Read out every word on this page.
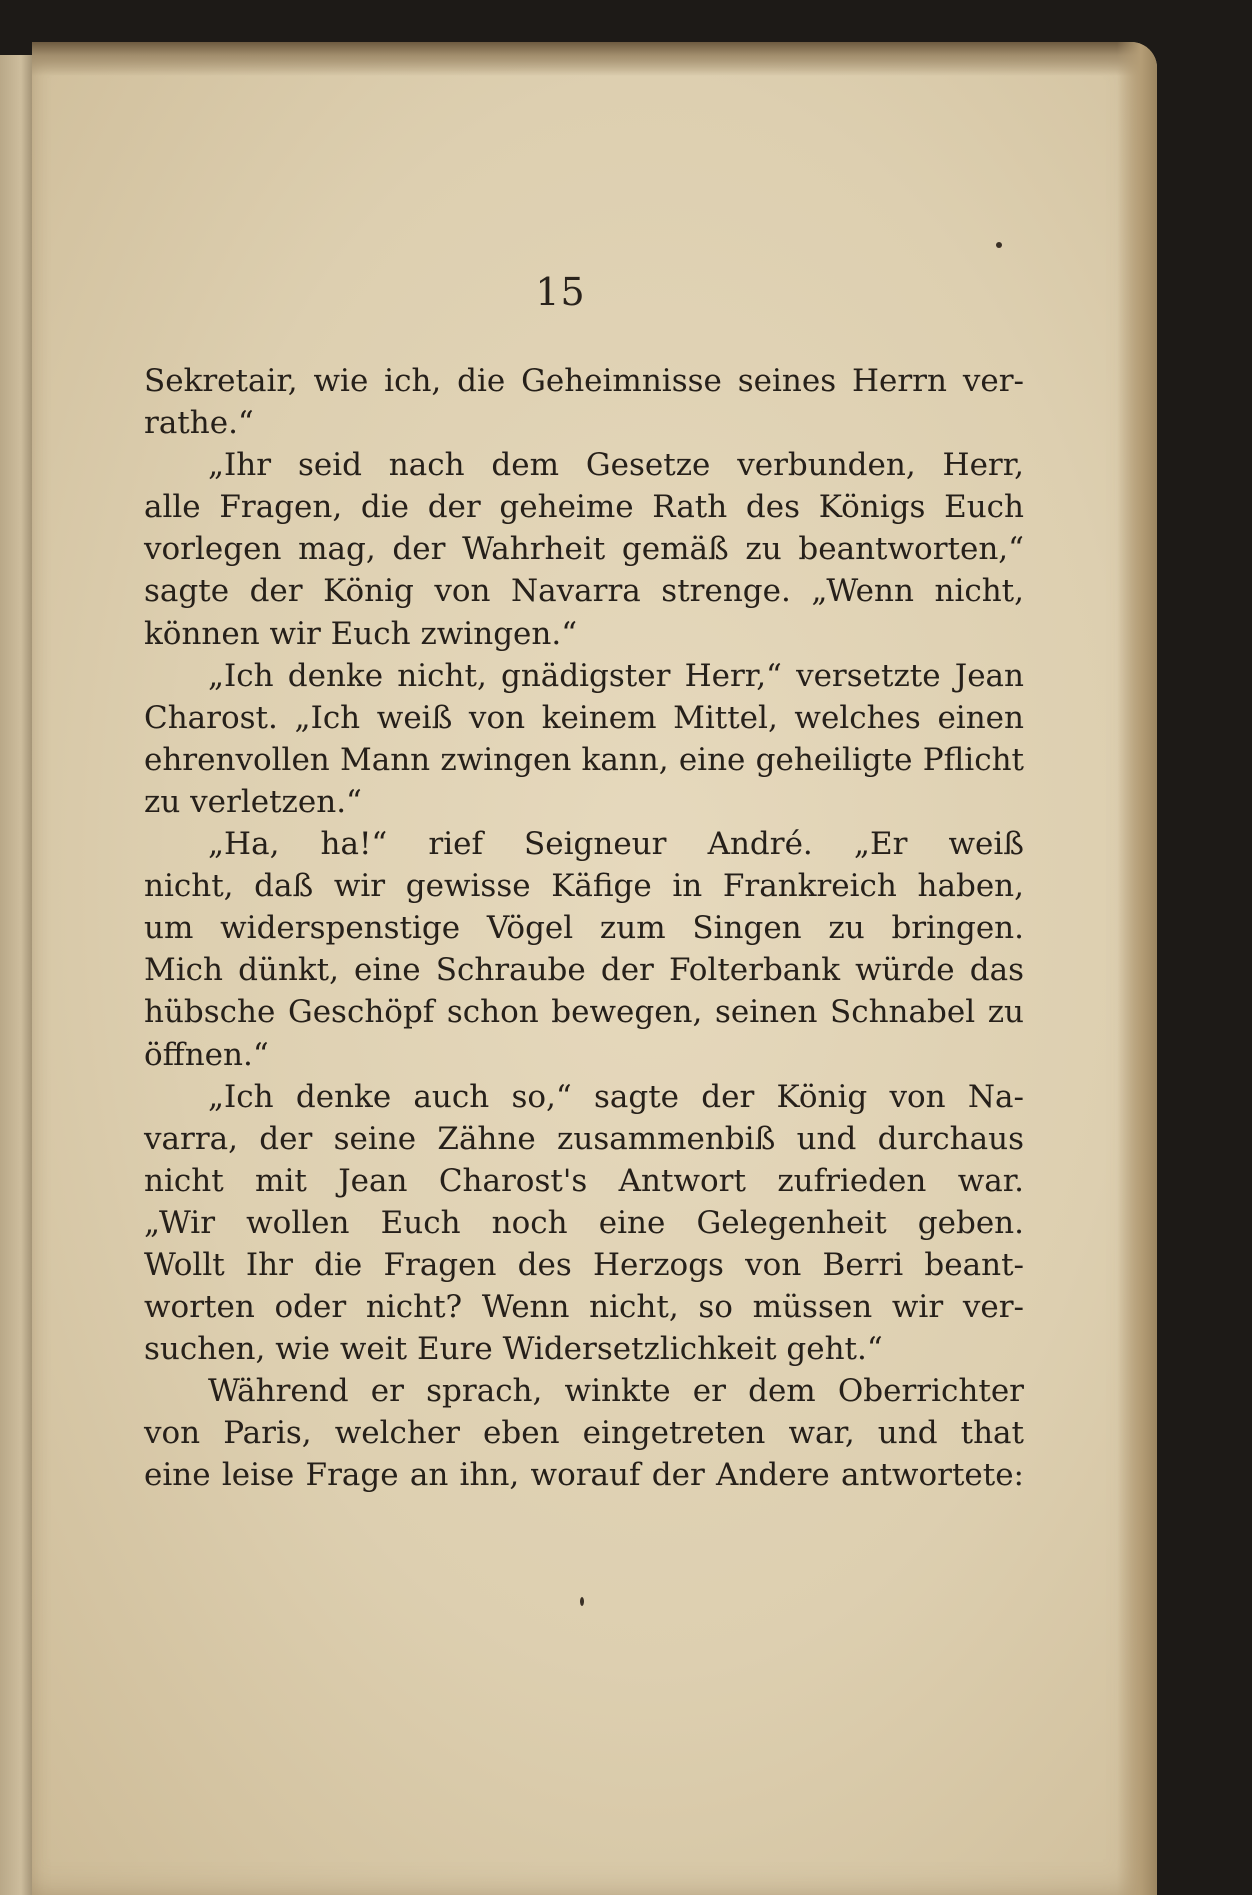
15
Sekretair, wie ich, die Geheimnisse seines Herrn ver-
rathe.“
„Ihr seid nach dem Gesetze verbunden, Herr,
alle Fragen, die der geheime Rath des Königs Euch
vorlegen mag, der Wahrheit gemäß zu beantworten,“
sagte der König von Navarra strenge. „Wenn nicht,
können wir Euch zwingen.“
„Ich denke nicht, gnädigster Herr,“ versetzte Jean
Charost. „Ich weiß von keinem Mittel, welches einen
ehrenvollen Mann zwingen kann, eine geheiligte Pflicht
zu verletzen.“
„Ha, ha!“ rief Seigneur André. „Er weiß
nicht, daß wir gewisse Käfige in Frankreich haben,
um widerspenstige Vögel zum Singen zu bringen.
Mich dünkt, eine Schraube der Folterbank würde das
hübsche Geschöpf schon bewegen, seinen Schnabel zu
öffnen.“
„Ich denke auch so,“ sagte der König von Na-
varra, der seine Zähne zusammenbiß und durchaus
nicht mit Jean Charost's Antwort zufrieden war.
„Wir wollen Euch noch eine Gelegenheit geben.
Wollt Ihr die Fragen des Herzogs von Berri beant-
worten oder nicht? Wenn nicht, so müssen wir ver-
suchen, wie weit Eure Widersetzlichkeit geht.“
Während er sprach, winkte er dem Oberrichter
von Paris, welcher eben eingetreten war, und that
eine leise Frage an ihn, worauf der Andere antwortete:
